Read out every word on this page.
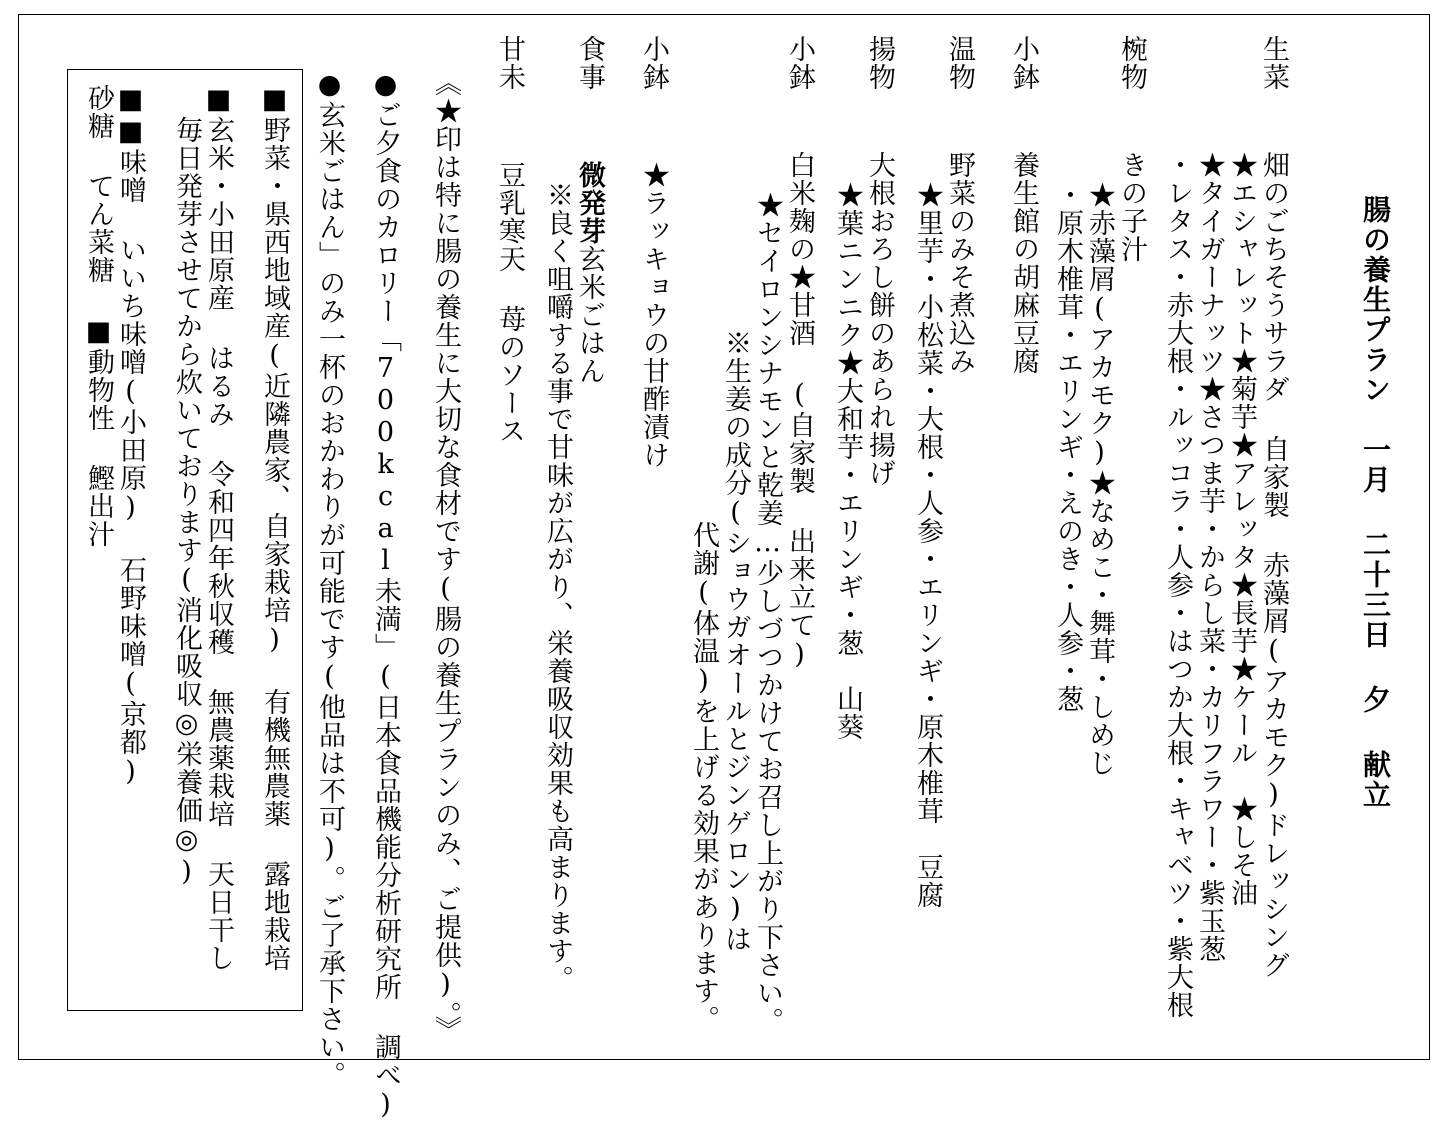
腸の養生プラン　一月 二十三日 夕 献立
生菜
畑のごちそうサラダ 自家製 赤藻屑(アカモク)ドレッシング
★エシャレット★菊芋★アレッタ★長芋★ケール　★しそ油
★タイガーナッツ★さつま芋・からし菜・カリフラワー・紫玉葱
・レタス・赤大根・ルッコラ・人参・はつか大根・キャベツ・紫大根
椀物
きの子汁
★赤藻屑(アカモク)★なめこ・舞茸・しめじ
・原木椎茸・エリンギ・えのき・人参・葱
小鉢
養生館の胡麻豆腐
温物
野菜のみそ煮込み
★里芋・小松菜・大根・人参・エリンギ・原木椎茸　豆腐
揚物
大根おろし餅のあられ揚げ
★葉ニンニク★大和芋・エリンギ・葱　山葵
小鉢
白米麹の★甘酒 (自家製 出来立て)
★セイロンシナモンと乾姜…少しづつかけてお召し上がり下さい。
※生姜の成分(ショウガオールとジンゲロン)は
代謝(体温)を上げる効果があります。
小鉢
★ラッキョウの甘酢漬け
食事
微発芽玄米ごはん
※良く咀嚼する事で甘味が広がり、栄養吸収効果も高まります。
甘未
豆乳寒天 苺のソース
《★印は特に腸の養生に大切な食材です(腸の養生プランのみ、ご提供)。》
●ご夕食のカロリー「700kcal未満」(日本食品機能分析研究所 調べ)
●玄米ごはん」のみ一杯のおかわりが可能です(他品は不可)。ご了承下さい。
■野菜・県西地域産(近隣農家、自家栽培) 有機無農薬 露地栽培
■玄米・小田原産 はるみ 令和四年秋収穫 無農薬栽培 天日干し
毎日発芽させてから炊いております(消化吸収◎栄養価◎)
■■味噌 いいち味噌(小田原) 石野味噌(京都)
砂糖 てん菜糖 ■動物性 鰹出汁
